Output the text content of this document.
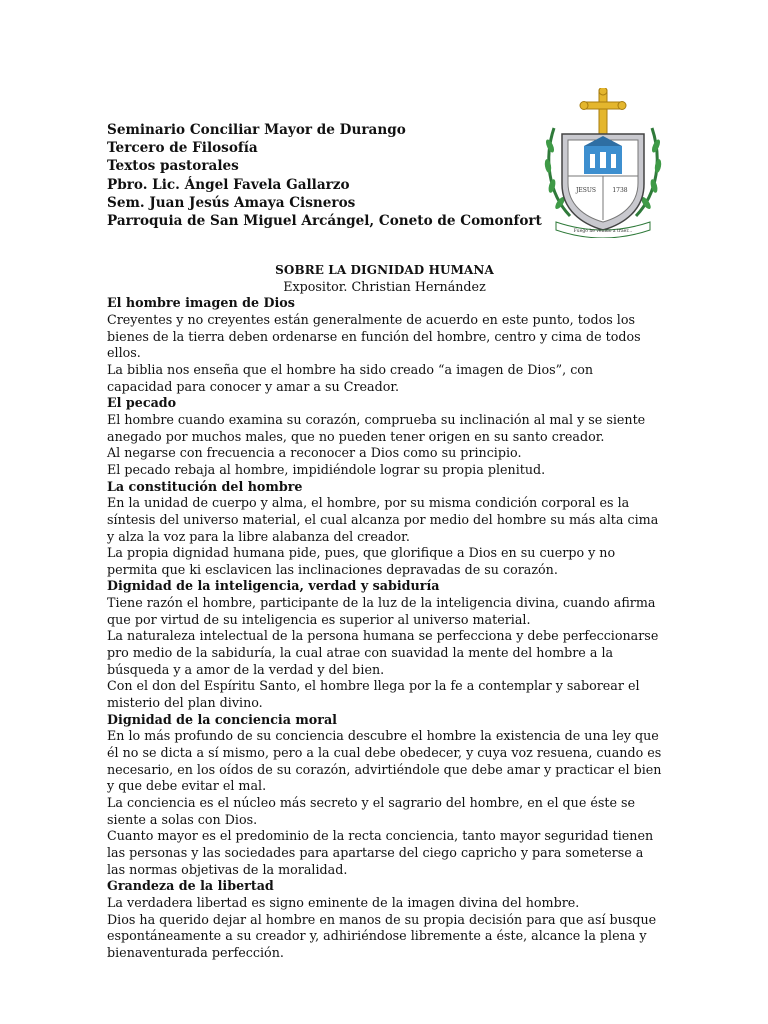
Seminario Conciliar Mayor de Durango
Tercero de Filosofía
Textos pastorales
Pbro. Lic. Ángel Favela Gallarzo
Sem. Juan Jesús Amaya Cisneros
Parroquia de San Miguel Arcángel, Coneto de Comonfort
JESUS	1738
Fuego he venido a traer...
SOBRE LA DIGNIDAD HUMANA
Expositor. Christian Hernández
El hombre imagen de Dios

Creyentes y no creyentes están generalmente de acuerdo en este punto, todos los bienes de la tierra deben ordenarse en función del hombre, centro y cima de todos ellos.

La biblia nos enseña que el hombre ha sido creado “a imagen de Dios”, con capacidad para conocer y amar a su Creador.

El pecado

El hombre cuando examina su corazón, comprueba su inclinación al mal y se siente anegado por muchos males, que no pueden tener origen en su santo creador.

Al negarse con frecuencia a reconocer a Dios como su principio.

El pecado rebaja al hombre, impidiéndole lograr su propia plenitud.

La constitución del hombre

En la unidad de cuerpo y alma, el hombre, por su misma condición corporal es la síntesis del universo material, el cual alcanza por medio del hombre su más alta cima y alza la voz para la libre alabanza del creador.

La propia dignidad humana pide, pues, que glorifique a Dios en su cuerpo y no permita que ki esclavicen las inclinaciones depravadas de su corazón.

Dignidad de la inteligencia, verdad y sabiduría

Tiene razón el hombre, participante de la luz de la inteligencia divina, cuando afirma que por virtud de su inteligencia es superior al universo material.

La naturaleza intelectual de la persona humana se perfecciona y debe perfeccionarse pro medio de la sabiduría, la cual atrae con suavidad la mente del hombre a la búsqueda y a amor de la verdad y del bien.

Con el don del Espíritu Santo, el hombre llega por la fe a contemplar y saborear el misterio del plan divino.

Dignidad de la conciencia moral

En lo más profundo de su conciencia descubre el hombre la existencia de una ley que él no se dicta a sí mismo, pero a la cual debe obedecer, y cuya voz resuena, cuando es necesario, en los oídos de su corazón, advirtiéndole que debe amar y practicar el bien y que debe evitar el mal.

La conciencia es el núcleo más secreto y el sagrario del hombre, en el que éste se siente a solas con Dios.

Cuanto mayor es el predominio de la recta conciencia, tanto mayor seguridad tienen las personas y las sociedades para apartarse del ciego capricho y para someterse a las normas objetivas de la moralidad.

Grandeza de la libertad

La verdadera libertad es signo eminente de la imagen divina del hombre.

Dios ha querido dejar al hombre en manos de su propia decisión para que así busque espontáneamente a su creador y, adhiriéndose libremente a éste, alcance la plena y bienaventurada perfección.
